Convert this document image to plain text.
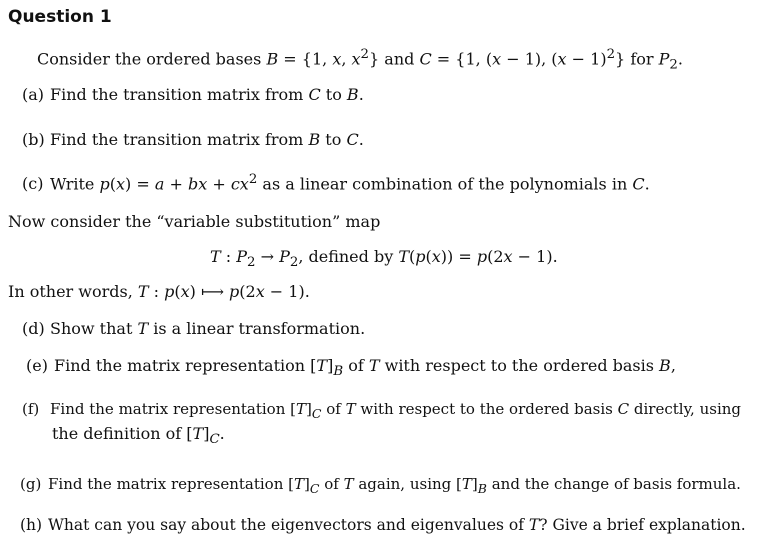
Question 1
Consider the ordered bases B = {1, x, $x^2$} and C = {1, (x − 1), $(x - 1)^2$} for $P_2$.
(a) Find the transition matrix from C to B.
(b) Find the transition matrix from B to C.
(c) Write p(x) = a + bx + $cx^2$ as a linear combination of the polynomials in C.
Now consider the “variable substitution” map
T : $P_2 \to P_2$, defined by T(p(x)) = p(2x − 1).
In other words, T : p(x) ⟼ p(2x − 1).
(d) Show that T is a linear transformation.
(e) Find the matrix representation $[T]_B$ of T with respect to the ordered basis B,
(f) Find the matrix representation $[T]_C$ of T with respect to the ordered basis C directly, using
the definition of $[T]_C$.
(g) Find the matrix representation $[T]_C$ of T again, using $[T]_B$ and the change of basis formula.
(h) What can you say about the eigenvectors and eigenvalues of T? Give a brief explanation.
